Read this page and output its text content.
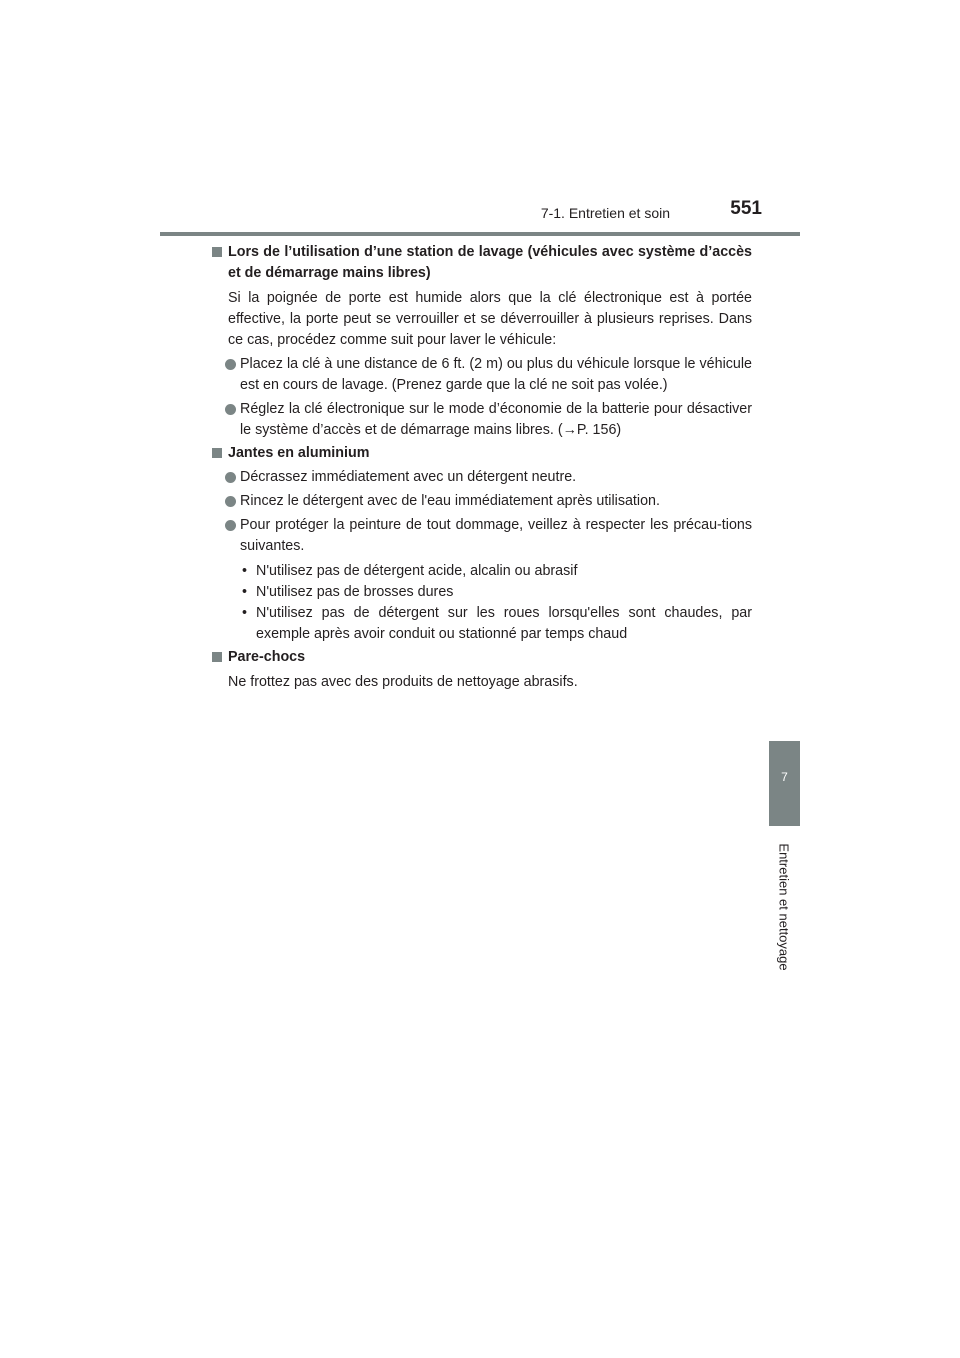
7-1. Entretien et soin	551
7
Entretien et nettoyage
Lors de l’utilisation d’une station de lavage (véhicules avec système d’accès et de démarrage mains libres)
Si la poignée de porte est humide alors que la clé électronique est à portée effective, la porte peut se verrouiller et se déverrouiller à plusieurs reprises. Dans ce cas, procédez comme suit pour laver le véhicule:
Placez la clé à une distance de 6 ft. (2 m) ou plus du véhicule lorsque le véhicule est en cours de lavage. (Prenez garde que la clé ne soit pas volée.)
Réglez la clé électronique sur le mode d’économie de la batterie pour désactiver le système d’accès et de démarrage mains libres. (→P. 156)
Jantes en aluminium
Décrassez immédiatement avec un détergent neutre.
Rincez le détergent avec de l'eau immédiatement après utilisation.
Pour protéger la peinture de tout dommage, veillez à respecter les précau-tions suivantes.
• N'utilisez pas de détergent acide, alcalin ou abrasif
• N'utilisez pas de brosses dures
• N'utilisez pas de détergent sur les roues lorsqu'elles sont chaudes, par exemple après avoir conduit ou stationné par temps chaud
Pare-chocs
Ne frottez pas avec des produits de nettoyage abrasifs.
